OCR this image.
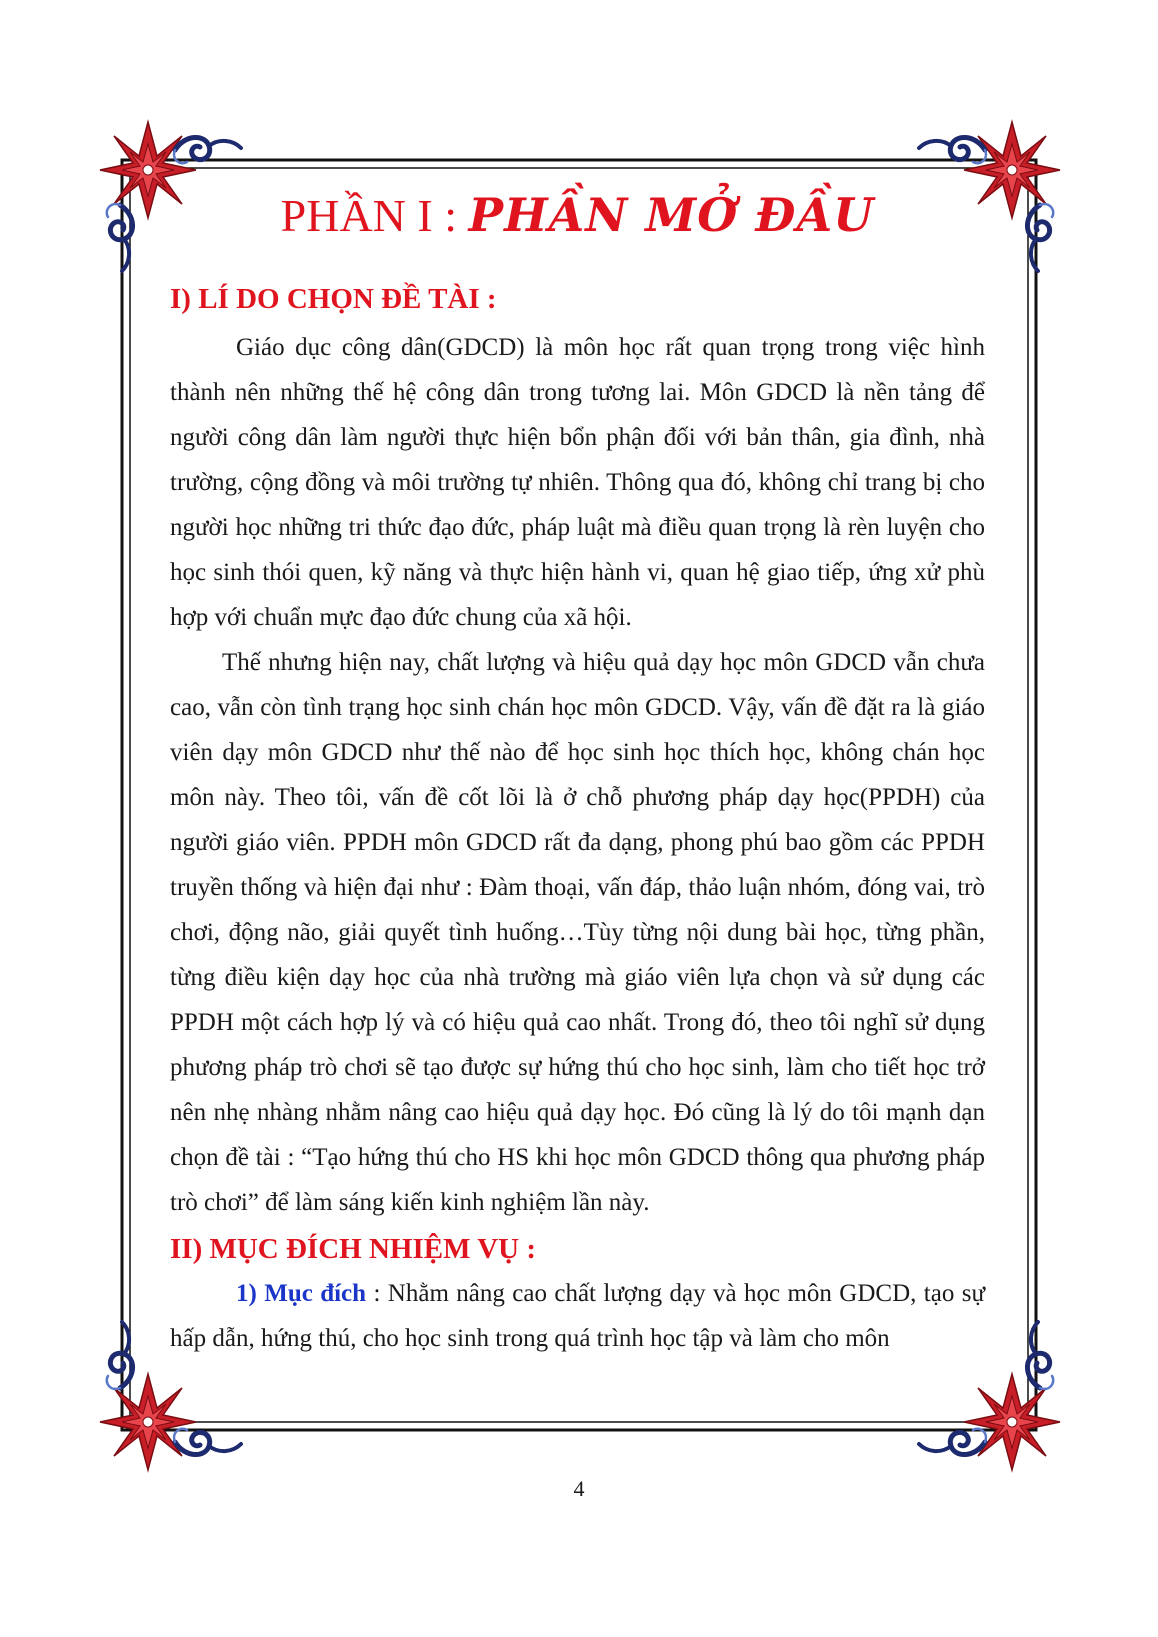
PHẦN I : PHẦN MỞ ĐẦU
I) LÍ DO CHỌN ĐỀ TÀI :

Giáo dục công dân(GDCD) là môn học rất quan trọng trong việc hình thành nên những thế hệ công dân trong tương lai. Môn GDCD là nền tảng để người công dân làm người thực hiện bổn phận đối với bản thân, gia đình, nhà trường, cộng đồng và môi trường tự nhiên. Thông qua đó, không chỉ trang bị cho người học những tri thức đạo đức, pháp luật mà điều quan trọng là rèn luyện cho học sinh thói quen, kỹ năng và thực hiện hành vi, quan hệ giao tiếp, ứng xử phù hợp với chuẩn mực đạo đức chung của xã hội.

Thế nhưng hiện nay, chất lượng và hiệu quả dạy học môn GDCD vẫn chưa cao, vẫn còn tình trạng học sinh chán học môn GDCD. Vậy, vấn đề đặt ra là giáo viên dạy môn GDCD như thế nào để học sinh học thích học, không chán học môn này. Theo tôi, vấn đề cốt lõi là ở chỗ phương pháp dạy học(PPDH) của người giáo viên. PPDH môn GDCD rất đa dạng, phong phú bao gồm các PPDH truyền thống và hiện đại như : Đàm thoại, vấn đáp, thảo luận nhóm, đóng vai, trò chơi, động não, giải quyết tình huống…Tùy từng nội dung bài học, từng phần, từng điều kiện dạy học của nhà trường mà giáo viên lựa chọn và sử dụng các PPDH một cách hợp lý và có hiệu quả cao nhất. Trong đó, theo tôi nghĩ sử dụng phương pháp trò chơi sẽ tạo được sự hứng thú cho học sinh, làm cho tiết học trở nên nhẹ nhàng nhằm nâng cao hiệu quả dạy học. Đó cũng là lý do tôi mạnh dạn chọn đề tài : “Tạo hứng thú cho HS khi học môn GDCD thông qua phương pháp trò chơi” để làm sáng kiến kinh nghiệm lần này.

II) MỤC ĐÍCH NHIỆM VỤ :

1) Mục đích : Nhằm nâng cao chất lượng dạy và học môn GDCD, tạo sự hấp dẫn, hứng thú, cho học sinh trong quá trình học tập và làm cho môn

4
